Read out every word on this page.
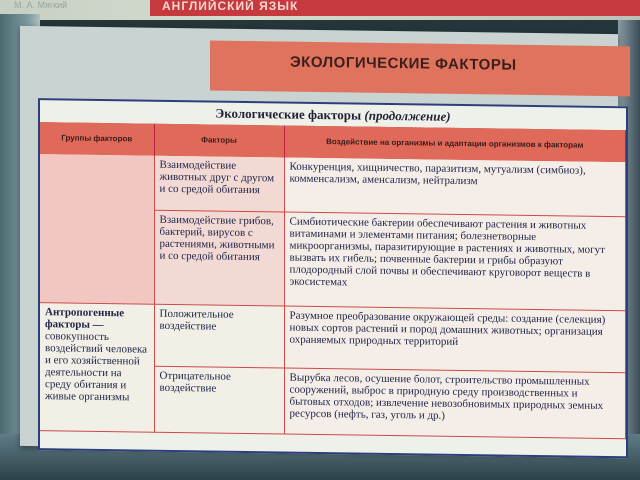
М. А. Мягкий	АНГЛИЙСКИЙ ЯЗЫК
ЭКОЛОГИЧЕСКИЕ ФАКТОРЫ
Экологические факторы (продолжение)
Группы факторов	Факторы	Воздействие на организмы и адаптации организмов к факторам
	Взаимодействие животных друг с другом и со средой обитания	Конкуренция, хищничество, паразитизм, мутуализм (симбиоз), комменсализм, аменсализм, нейтрализм
	Взаимодействие грибов, бактерий, вирусов с растениями, животными и со средой обитания	Симбиотические бактерии обеспечивают растения и животных витаминами и элементами питания; болезнетворные микроорганизмы, паразитирующие в растениях и животных, могут вызвать их гибель; почвенные бактерии и грибы образуют плодородный слой почвы и обеспечивают круговорот веществ в экосистемах
Антропогенные факторы — совокупность воздействий человека и его хозяйственной деятельности на среду обитания и живые организмы	Положительное воздействие	Разумное преобразование окружающей среды: создание (селекция) новых сортов растений и пород домашних животных; организация охраняемых природных территорий
	Отрицательное воздействие	Вырубка лесов, осушение болот, строительство промышленных сооружений, выброс в природную среду производственных и бытовых отходов; извлечение невозобновимых природных земных ресурсов (нефть, газ, уголь и др.)
